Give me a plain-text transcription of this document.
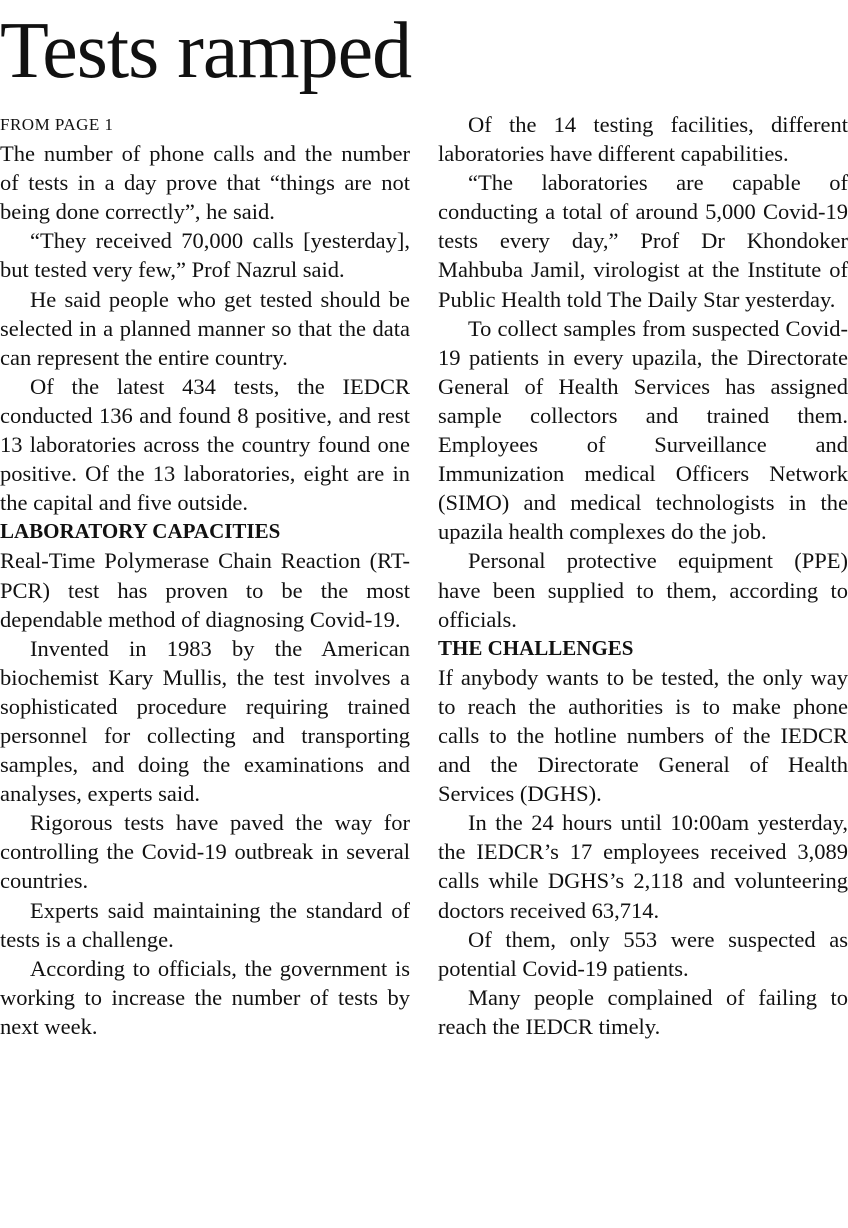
Tests ramped
FROM PAGE 1

The number of phone calls and the number of tests in a day prove that “things are not being done correctly”, he said.

“They received 70,000 calls [yesterday], but tested very few,” Prof Nazrul said.

He said people who get tested should be selected in a planned manner so that the data can represent the entire country.

Of the latest 434 tests, the IEDCR conducted 136 and found 8 positive, and rest 13 laboratories across the country found one positive. Of the 13 laboratories, eight are in the capital and five outside.

LABORATORY CAPACITIES

Real-Time Polymerase Chain Reaction (RT-PCR) test has proven to be the most dependable method of diagnosing Covid-19.

Invented in 1983 by the American biochemist Kary Mullis, the test involves a sophisticated procedure requiring trained personnel for collecting and transporting samples, and doing the examinations and analyses, experts said.

Rigorous tests have paved the way for controlling the Covid-19 outbreak in several countries.

Experts said maintaining the standard of tests is a challenge.

According to officials, the government is working to increase the number of tests by next week.

Of the 14 testing facilities, different laboratories have different capabilities.

“The laboratories are capable of conducting a total of around 5,000 Covid-19 tests every day,” Prof Dr Khondoker Mahbuba Jamil, virologist at the Institute of Public Health told The Daily Star yesterday.

To collect samples from suspected Covid-19 patients in every upazila, the Directorate General of Health Services has assigned sample collectors and trained them. Employees of Surveillance and Immunization medical Officers Network (SIMO) and medical technologists in the upazila health complexes do the job.

Personal protective equipment (PPE) have been supplied to them, according to officials.

THE CHALLENGES

If anybody wants to be tested, the only way to reach the authorities is to make phone calls to the hotline numbers of the IEDCR and the Directorate General of Health Services (DGHS).

In the 24 hours until 10:00am yesterday, the IEDCR’s 17 employees received 3,089 calls while DGHS’s 2,118 and volunteering doctors received 63,714.

Of them, only 553 were suspected as potential Covid-19 patients.

Many people complained of failing to reach the IEDCR timely.
